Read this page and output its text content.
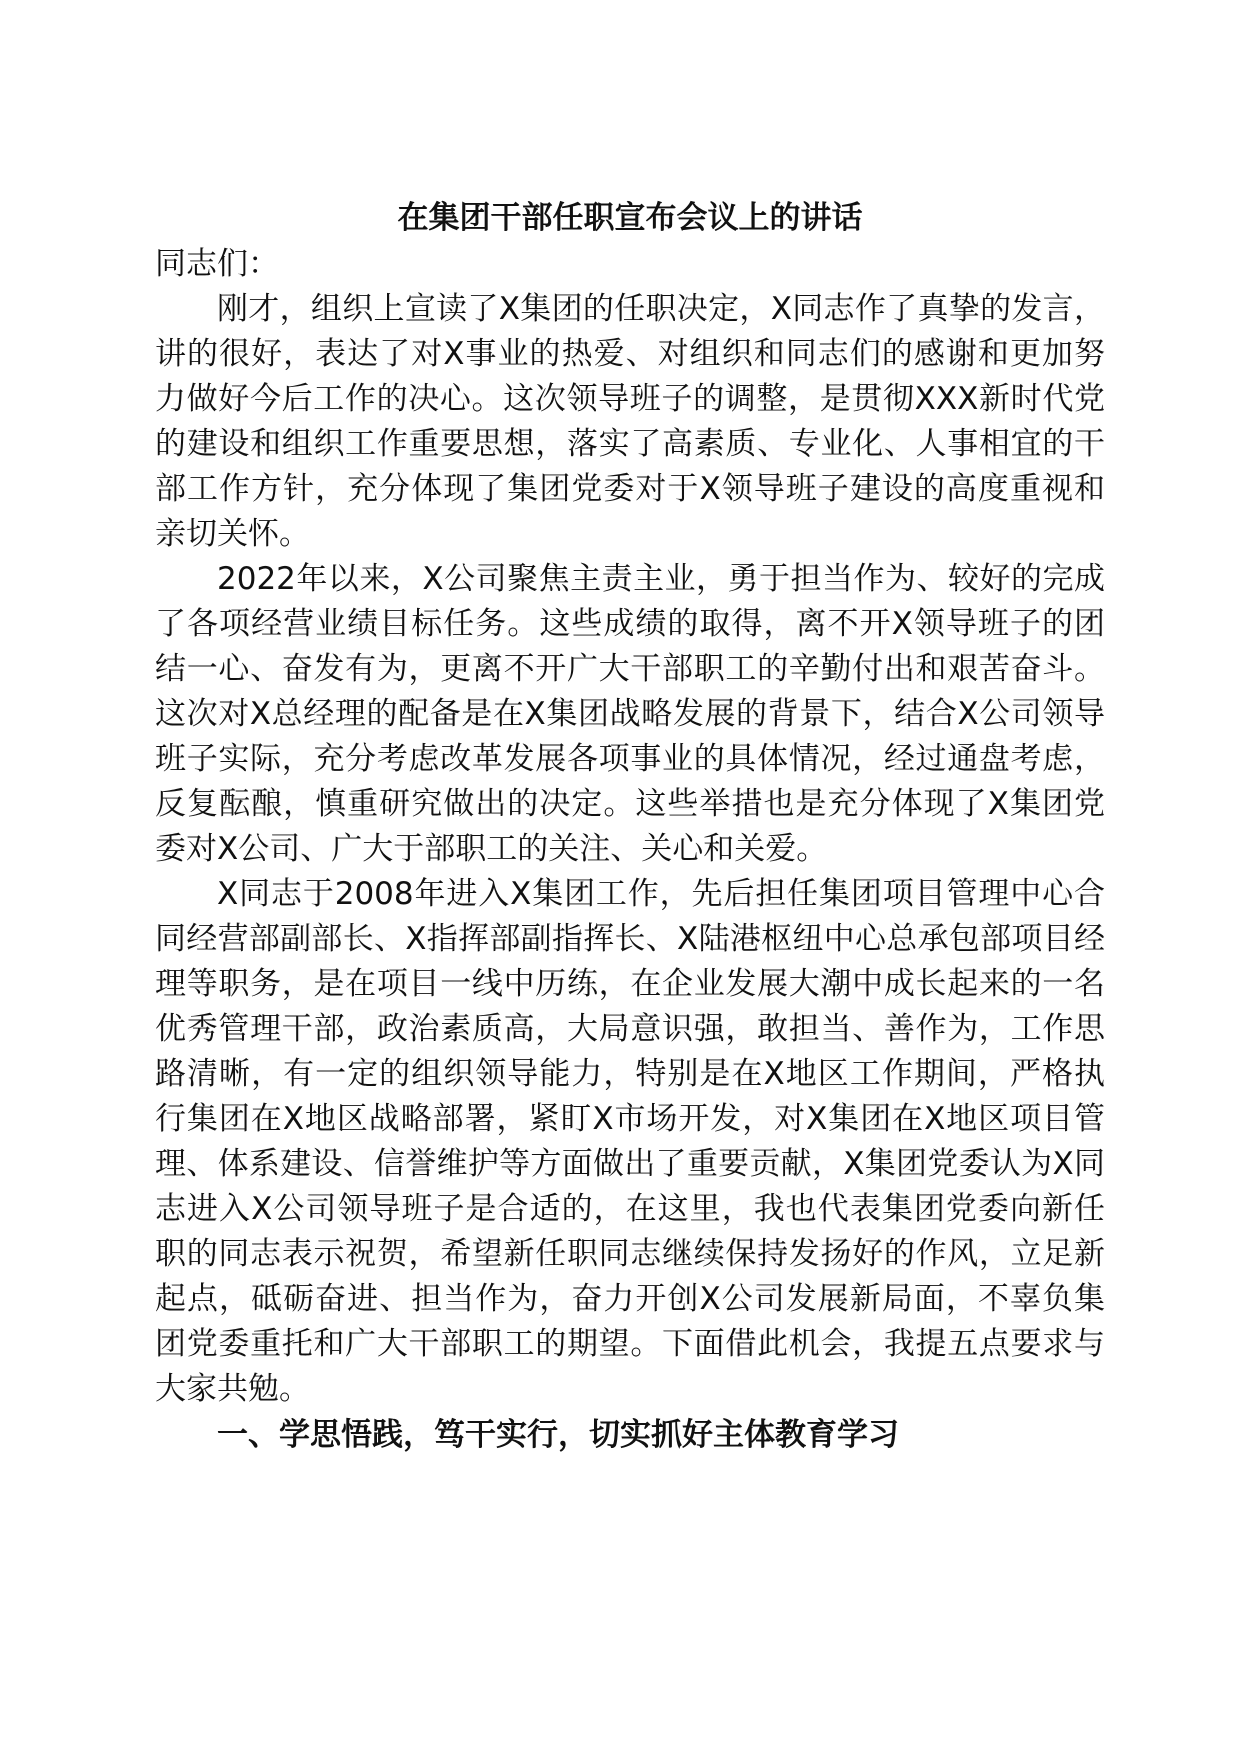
在集团干部任职宣布会议上的讲话

同志们：

刚才，组织上宣读了X集团的任职决定，X同志作了真挚的发言，讲的很好，表达了对X事业的热爱、对组织和同志们的感谢和更加努力做好今后工作的决心。这次领导班子的调整，是贯彻XXX新时代党的建设和组织工作重要思想，落实了高素质、专业化、人事相宜的干部工作方针，充分体现了集团党委对于X领导班子建设的高度重视和亲切关怀。

2022年以来，X公司聚焦主责主业，勇于担当作为、较好的完成了各项经营业绩目标任务。这些成绩的取得，离不开X领导班子的团结一心、奋发有为，更离不开广大干部职工的辛勤付出和艰苦奋斗。这次对X总经理的配备是在X集团战略发展的背景下，结合X公司领导班子实际，充分考虑改革发展各项事业的具体情况，经过通盘考虑，反复酝酿，慎重研究做出的决定。这些举措也是充分体现了X集团党委对X公司、广大于部职工的关注、关心和关爱。

X同志于2008年进入X集团工作，先后担任集团项目管理中心合同经营部副部长、X指挥部副指挥长、X陆港枢纽中心总承包部项目经理等职务，是在项目一线中历练，在企业发展大潮中成长起来的一名优秀管理干部，政治素质高，大局意识强，敢担当、善作为，工作思路清晰，有一定的组织领导能力，特别是在X地区工作期间，严格执行集团在X地区战略部署，紧盯X市场开发，对X集团在X地区项目管理、体系建设、信誉维护等方面做出了重要贡献，X集团党委认为X同志进入X公司领导班子是合适的，在这里，我也代表集团党委向新任职的同志表示祝贺，希望新任职同志继续保持发扬好的作风，立足新起点，砥砺奋进、担当作为，奋力开创X公司发展新局面，不辜负集团党委重托和广大干部职工的期望。下面借此机会，我提五点要求与大家共勉。

一、学思悟践，笃干实行，切实抓好主体教育学习
